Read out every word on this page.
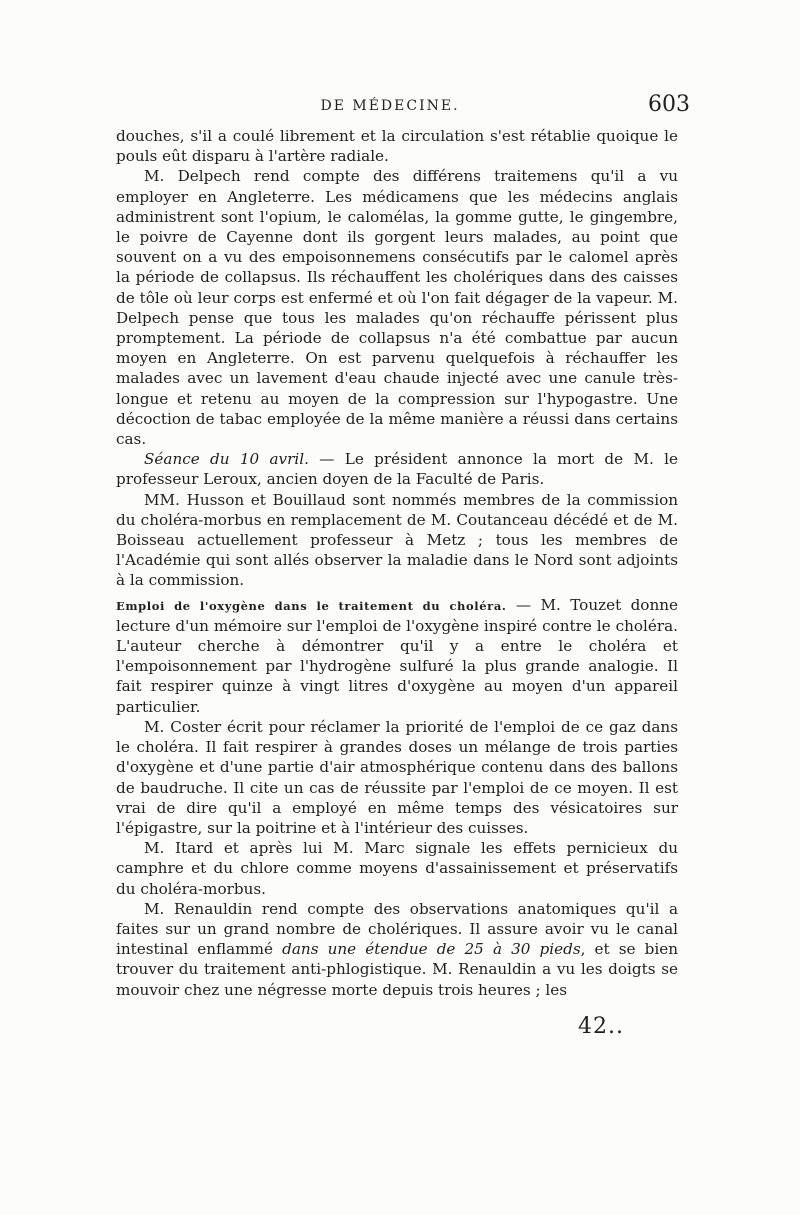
DE MÉDECINE.	603

douches, s'il a coulé librement et la circulation s'est rétablie quoique le pouls eût disparu à l'artère radiale.

M. Delpech rend compte des différens traitemens qu'il a vu employer en Angleterre. Les médicamens que les médecins anglais administrent sont l'opium, le calomélas, la gomme gutte, le gingembre, le poivre de Cayenne dont ils gorgent leurs malades, au point que souvent on a vu des empoisonnemens consécutifs par le calomel après la période de collapsus. Ils réchauffent les cholériques dans des caisses de tôle où leur corps est enfermé et où l'on fait dégager de la vapeur. M. Delpech pense que tous les malades qu'on réchauffe périssent plus promptement. La période de collapsus n'a été combattue par aucun moyen en Angleterre. On est parvenu quelquefois à réchauffer les malades avec un lavement d'eau chaude injecté avec une canule très-longue et retenu au moyen de la compression sur l'hypogastre. Une décoction de tabac employée de la même manière a réussi dans certains cas.

Séance du 10 avril. — Le président annonce la mort de M. le professeur Leroux, ancien doyen de la Faculté de Paris.

MM. Husson et Bouillaud sont nommés membres de la commission du choléra-morbus en remplacement de M. Coutanceau décédé et de M. Boisseau actuellement professeur à Metz ; tous les membres de l'Académie qui sont allés observer la maladie dans le Nord sont adjoints à la commission.

Emploi de l'oxygène dans le traitement du choléra. — M. Touzet donne lecture d'un mémoire sur l'emploi de l'oxygène inspiré contre le choléra. L'auteur cherche à démontrer qu'il y a entre le choléra et l'empoisonnement par l'hydrogène sulfuré la plus grande analogie. Il fait respirer quinze à vingt litres d'oxygène au moyen d'un appareil particulier.

M. Coster écrit pour réclamer la priorité de l'emploi de ce gaz dans le choléra. Il fait respirer à grandes doses un mélange de trois parties d'oxygène et d'une partie d'air atmosphérique contenu dans des ballons de baudruche. Il cite un cas de réussite par l'emploi de ce moyen. Il est vrai de dire qu'il a employé en même temps des vésicatoires sur l'épigastre, sur la poitrine et à l'intérieur des cuisses.

M. Itard et après lui M. Marc signale les effets pernicieux du camphre et du chlore comme moyens d'assainissement et préservatifs du choléra-morbus.

M. Renauldin rend compte des observations anatomiques qu'il a faites sur un grand nombre de cholériques. Il assure avoir vu le canal intestinal enflammé dans une étendue de 25 à 30 pieds, et se bien trouver du traitement anti-phlogistique. M. Renauldin a vu les doigts se mouvoir chez une négresse morte depuis trois heures ; les

42..
